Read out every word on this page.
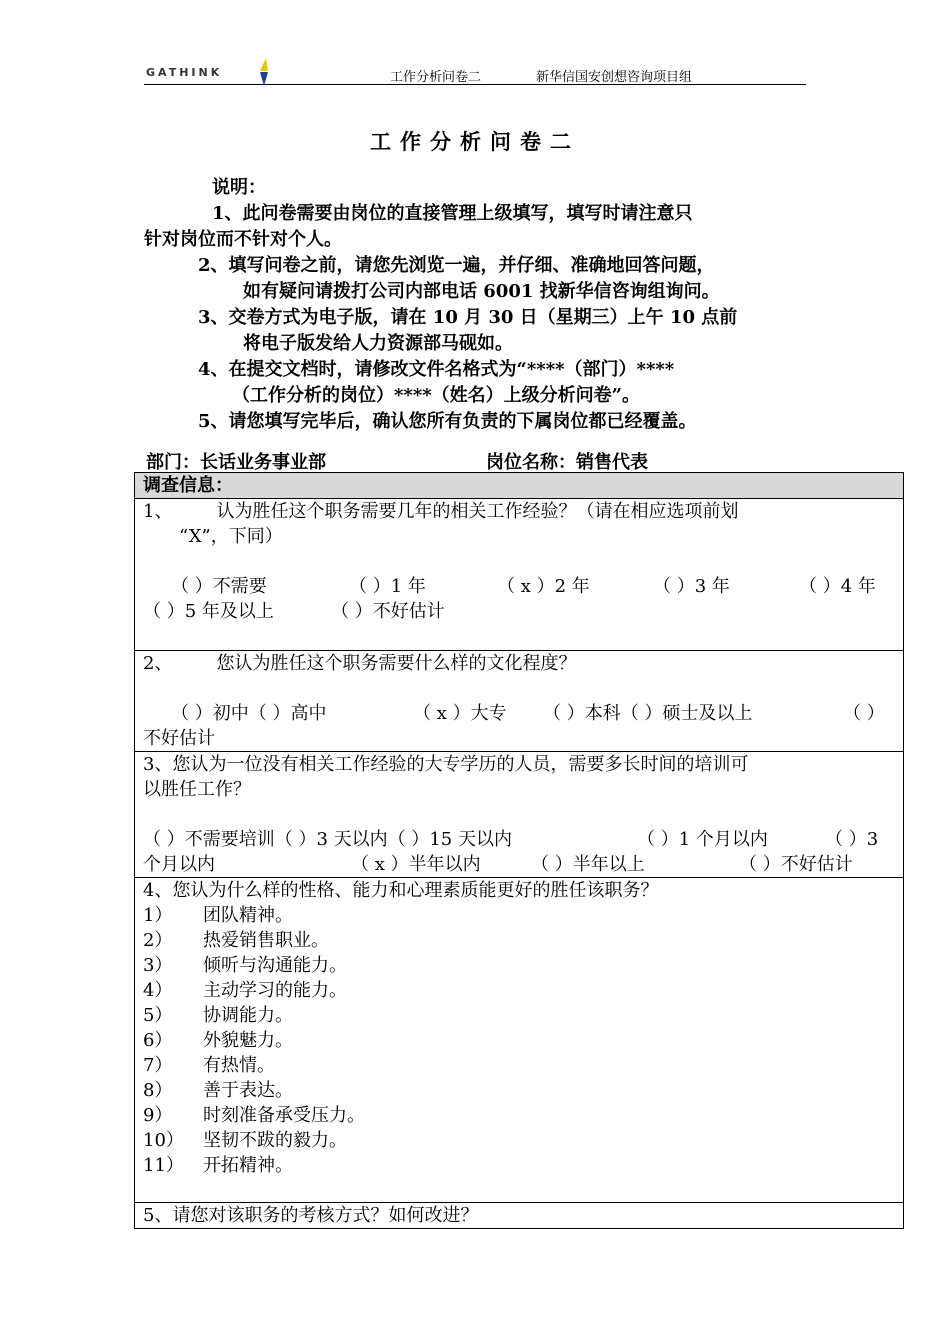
GATHINK	工作分析问卷二	新华信国安创想咨询项目组
工作分析问卷二

说明：

1、此问卷需要由岗位的直接管理上级填写，填写时请注意只

针对岗位而不针对个人。

2、填写问卷之前，请您先浏览一遍，并仔细、准确地回答问题，

如有疑问请拨打公司内部电话 6001 找新华信咨询组询问。

3、交卷方式为电子版，请在 10 月 30 日（星期三）上午 10 点前

将电子版发给人力资源部马砚如。

4、在提交文档时，请修改文件名格式为“****（部门）****

（工作分析的岗位）****（姓名）上级分析问卷”。

5、请您填写完毕后，确认您所有负责的下属岗位都已经覆盖。

部门：长话业务事业部	岗位名称：销售代表
调查信息：

1、 认为胜任这个职务需要几年的相关工作经验？（请在相应选项前划

“X”，下同）

（ ）不需要	（ ）1 年	（ x ）2 年	（ ）3 年	（ ）4 年

（ ）5 年及以上	（ ）不好估计

2、 您认为胜任这个职务需要什么样的文化程度？

（ ）初中（ ）高中	（ x ）大专 （ ）本科（ ）硕士及以上	（ ）

不好估计

3、您认为一位没有相关工作经验的大专学历的人员，需要多长时间的培训可

以胜任工作？

（ ）不需要培训（ ）3 天以内（ ）15 天以内	（ ）1 个月以内	（ ）3

个月以内	（ x ）半年以内	（ ）半年以上	（ ）不好估计

4、您认为什么样的性格、能力和心理素质能更好的胜任该职务？

1）	团队精神。
2）	热爱销售职业。
3）	倾听与沟通能力。
4）	主动学习的能力。
5）	协调能力。
6）	外貌魅力。
7）	有热情。
8）	善于表达。
9）	时刻准备承受压力。
10）	坚韧不跋的毅力。
11）	开拓精神。

5、请您对该职务的考核方式？如何改进？
